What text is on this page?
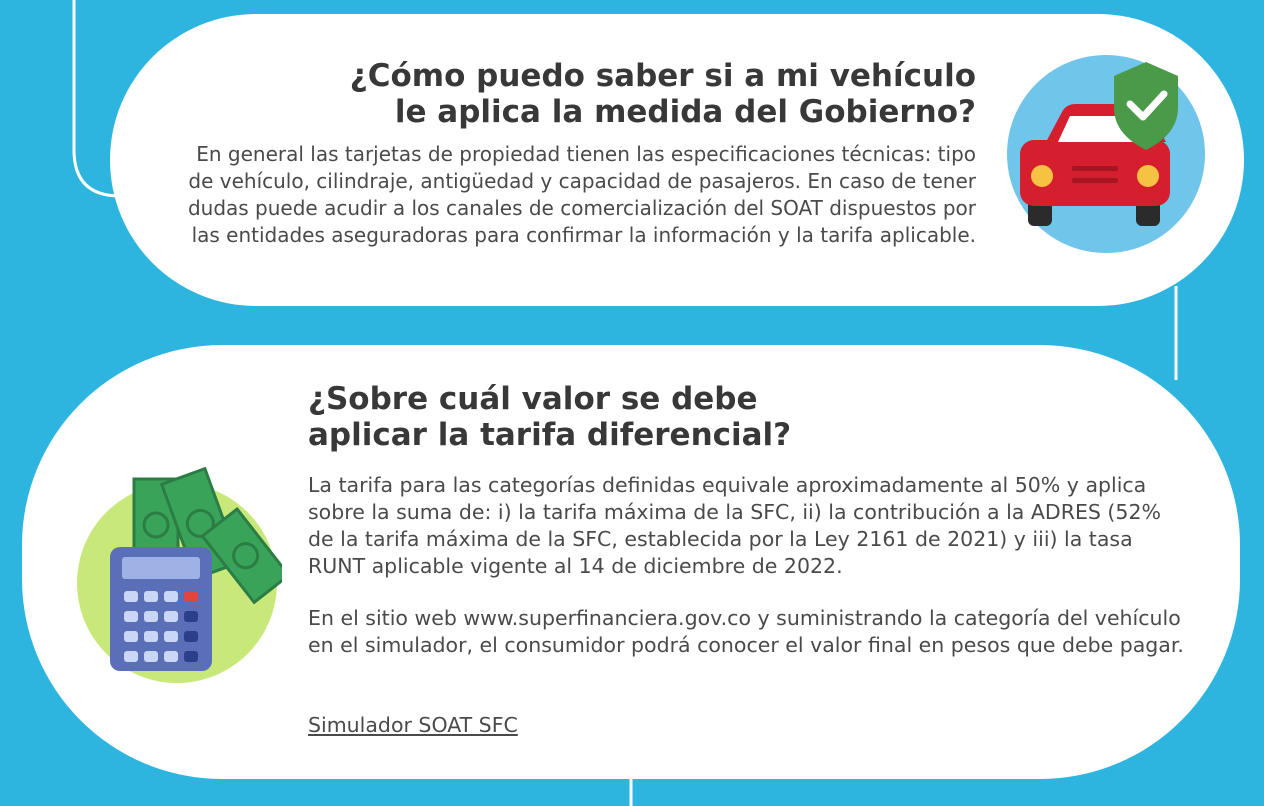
¿Cómo puedo saber si a mi vehículo
le aplica la medida del Gobierno?

En general las tarjetas de propiedad tienen las especificaciones técnicas: tipo de vehículo, cilindraje, antigüedad y capacidad de pasajeros. En caso de tener dudas puede acudir a los canales de comercialización del SOAT dispuestos por las entidades aseguradoras para confirmar la información y la tarifa aplicable.

¿Sobre cuál valor se debe
aplicar la tarifa diferencial?

La tarifa para las categorías definidas equivale aproximadamente al 50% y aplica sobre la suma de: i) la tarifa máxima de la SFC, ii) la contribución a la ADRES (52% de la tarifa máxima de la SFC, establecida por la Ley 2161 de 2021) y iii) la tasa RUNT aplicable vigente al 14 de diciembre de 2022.

En el sitio web www.superfinanciera.gov.co y suministrando la categoría del vehículo en el simulador, el consumidor podrá conocer el valor final en pesos que debe pagar.

Simulador SOAT SFC
